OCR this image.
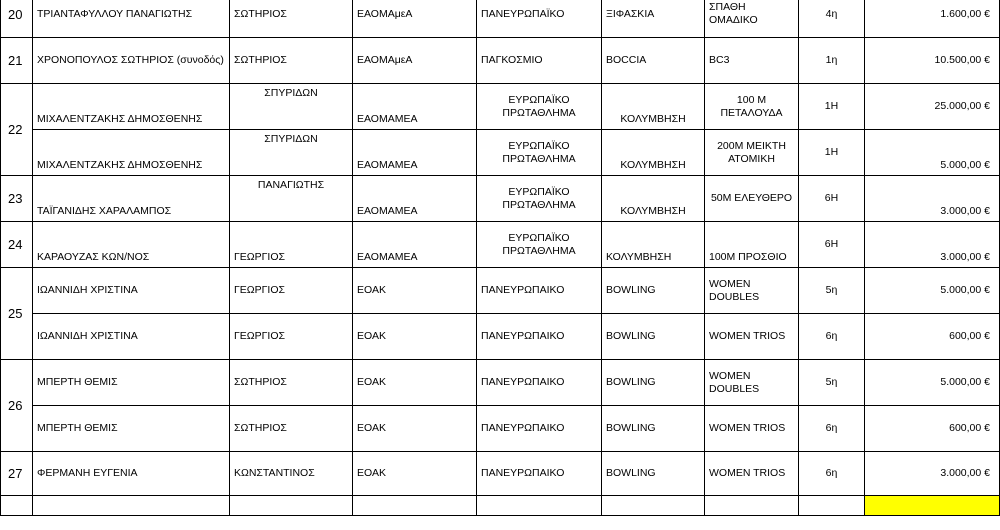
20	ΤΡΙΑΝΤΑΦΥΛΛΟΥ ΠΑΝΑΓΙΩΤΗΣ	ΣΩΤΗΡΙΟΣ	ΕΑΟΜΑμεΑ	ΠΑΝΕΥΡΩΠΑΪΚΟ	ΞΙΦΑΣΚΙΑ	ΣΠΑΘΗ ΟΜΑΔΙΚΟ	4η	1.600,00 €
21	ΧΡΟΝΟΠΟΥΛΟΣ ΣΩΤΗΡΙΟΣ (συνοδός)	ΣΩΤΗΡΙΟΣ	ΕΑΟΜΑμεΑ	ΠΑΓΚΟΣΜΙΟ	BOCCIA	BC3	1η	10.500,00 €
22	ΜΙΧΑΛΕΝΤΖΑΚΗΣ ΔΗΜΟΣΘΕΝΗΣ	ΣΠΥΡΙΔΩΝ	ΕΑΟΜΑΜΕΑ	ΕΥΡΩΠΑΪΚΟ ΠΡΩΤΑΘΛΗΜΑ	ΚΟΛΥΜΒΗΣΗ	100 Μ ΠΕΤΑΛΟΥΔΑ	1Η	25.000,00 €
	ΜΙΧΑΛΕΝΤΖΑΚΗΣ ΔΗΜΟΣΘΕΝΗΣ	ΣΠΥΡΙΔΩΝ	ΕΑΟΜΑΜΕΑ	ΕΥΡΩΠΑΪΚΟ ΠΡΩΤΑΘΛΗΜΑ	ΚΟΛΥΜΒΗΣΗ	200Μ ΜΕΙΚΤΗ ΑΤΟΜΙΚΗ	1Η	5.000,00 €
23	ΤΑΪΓΑΝΙΔΗΣ ΧΑΡΑΛΑΜΠΟΣ	ΠΑΝΑΓΙΩΤΗΣ	ΕΑΟΜΑΜΕΑ	ΕΥΡΩΠΑΪΚΟ ΠΡΩΤΑΘΛΗΜΑ	ΚΟΛΥΜΒΗΣΗ	50Μ ΕΛΕΥΘΕΡΟ	6Η	3.000,00 €
24	ΚΑΡΑΟΥΖΑΣ ΚΩΝ/ΝΟΣ	ΓΕΩΡΓΙΟΣ	ΕΑΟΜΑΜΕΑ	ΕΥΡΩΠΑΪΚΟ ΠΡΩΤΑΘΛΗΜΑ	ΚΟΛΥΜΒΗΣΗ	100Μ ΠΡΟΣΘΙΟ	6Η	3.000,00 €
25	ΙΩΑΝΝΙΔΗ ΧΡΙΣΤΙΝΑ	ΓΕΩΡΓΙΟΣ	ΕΟΑΚ	ΠΑΝΕΥΡΩΠΑΙΚΟ	BOWLING	WOMEN DOUBLES	5η	5.000,00 €
	ΙΩΑΝΝΙΔΗ ΧΡΙΣΤΙΝΑ	ΓΕΩΡΓΙΟΣ	ΕΟΑΚ	ΠΑΝΕΥΡΩΠΑΙΚΟ	BOWLING	WOMEN TRIOS	6η	600,00 €
26	ΜΠΕΡΤΗ ΘΕΜΙΣ	ΣΩΤΗΡΙΟΣ	ΕΟΑΚ	ΠΑΝΕΥΡΩΠΑΙΚΟ	BOWLING	WOMEN DOUBLES	5η	5.000,00 €
	ΜΠΕΡΤΗ ΘΕΜΙΣ	ΣΩΤΗΡΙΟΣ	ΕΟΑΚ	ΠΑΝΕΥΡΩΠΑΙΚΟ	BOWLING	WOMEN TRIOS	6η	600,00 €
27	ΦΕΡΜΑΝΗ ΕΥΓΕΝΙΑ	ΚΩΝΣΤΑΝΤΙΝΟΣ	ΕΟΑΚ	ΠΑΝΕΥΡΩΠΑΙΚΟ	BOWLING	WOMEN TRIOS	6η	3.000,00 €
